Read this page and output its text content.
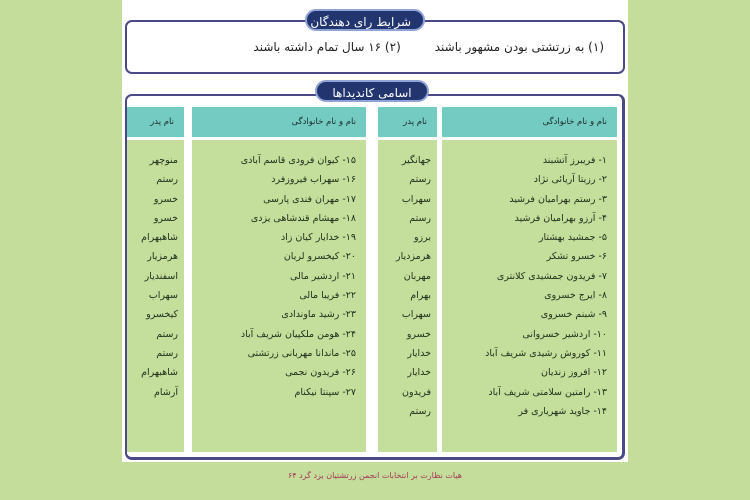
شرایط رای دهندگان
(۱) به زرتشتی بودن مشهور باشند
(۲) ۱۶ سال تمام داشته باشند
اسامی کاندیداها
نام و نام خانوادگی
نام پدر
نام و نام خانوادگی
نام پدر
۱- فریبرز آتشبند
۲- رزیتا آریائی نژاد
۳- رستم بهرامیان فرشید
۴- آرزو بهرامیان فرشید
۵- جمشید بهشتار
۶- خسرو تشکر
۷- فریدون جمشیدی کلانتری
۸- ایرج خسروی
۹- شبنم خسروی
۱۰- اردشیر خسروانی
۱۱- کوروش رشیدی شریف آباد
۱۲- افروز زندیان
۱۳- رامتین سلامتی شریف آباد
۱۴- جاوید شهریاری فر
جهانگیر
رستم
سهراب
رستم
برزو
هرمزدیار
مهربان
بهرام
سهراب
خسرو
خدایار
خدایار
فریدون
رستم
۱۵- کیوان فرودی قاسم آبادی
۱۶- سهراب فیروزفرد
۱۷- مهران فندی پارسی
۱۸- مهشام قندشاهی یزدی
۱۹- خدایار کیان زاد
۲۰- کیخسرو لریان
۲۱- اردشیر مالی
۲۲- فریبا مالی
۲۳- رشید ماوندادی
۲۴- هومن ملکپیان شریف آباد
۲۵- ماندانا مهربانی زرتشتی
۲۶- فریدون نجمی
۲۷- سپنتا نیکنام
منوچهر
رستم
خسرو
خسرو
شاهبهرام
هرمزیار
اسفندیار
سهراب
کیخسرو
رستم
رستم
شاهبهرام
آرشام
هیات نظارت بر انتخابات انجمن زرتشتیان یزد گرد ۶۴
